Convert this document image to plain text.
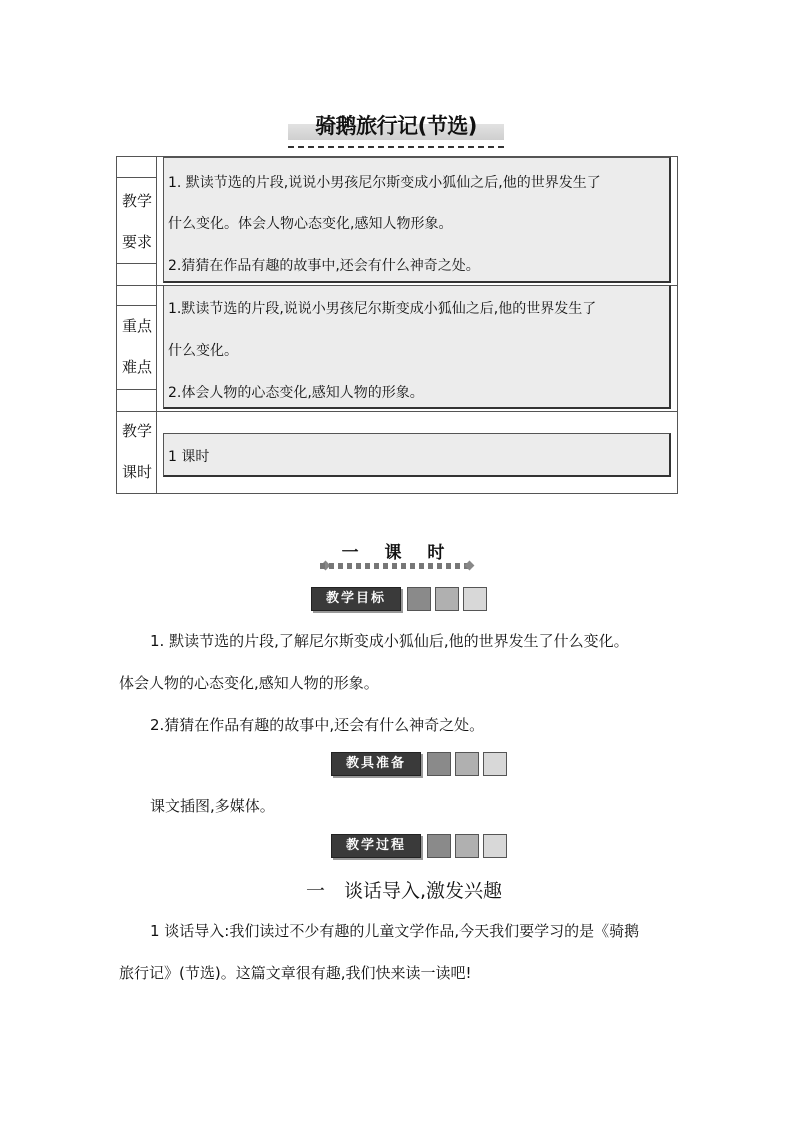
骑鹅旅行记(节选)
教学
要求
1. 默读节选的片段,说说小男孩尼尔斯变成小狐仙之后,他的世界发生了
什么变化。体会人物心态变化,感知人物形象。
2.猜猜在作品有趣的故事中,还会有什么神奇之处。
重点
难点
1.默读节选的片段,说说小男孩尼尔斯变成小狐仙之后,他的世界发生了
什么变化。
2.体会人物的心态变化,感知人物的形象。
教学
课时
1 课时
一 课 时
教学目标
1. 默读节选的片段,了解尼尔斯变成小狐仙后,他的世界发生了什么变化。
体会人物的心态变化,感知人物的形象。
2.猜猜在作品有趣的故事中,还会有什么神奇之处。
教具准备
课文插图,多媒体。
教学过程
一　谈话导入,激发兴趣
1 谈话导入:我们读过不少有趣的儿童文学作品,今天我们要学习的是《骑鹅
旅行记》(节选)。这篇文章很有趣,我们快来读一读吧!
